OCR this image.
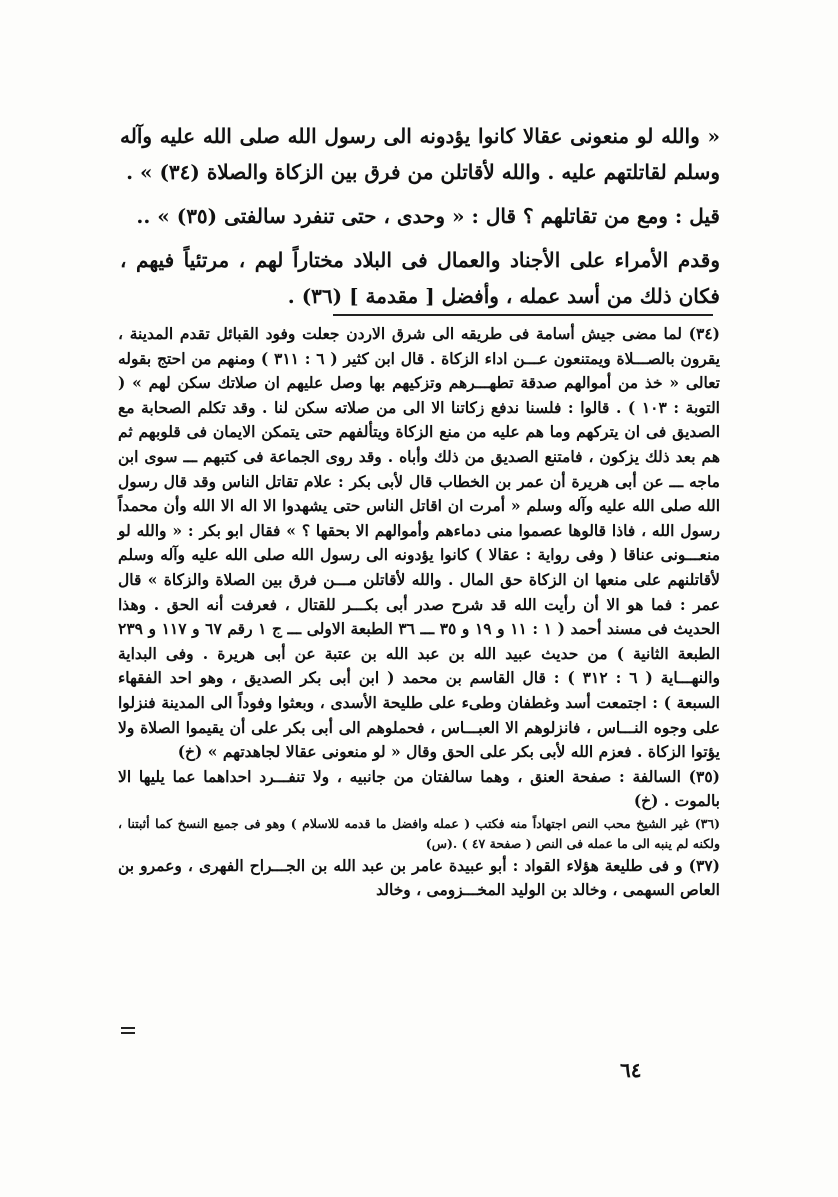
« والله لو منعونى عقالا كانوا يؤدونه الى رسول الله صلى الله عليه وآله وسلم لقاتلتهم عليه . والله لأقاتلن من فرق بين الزكاة والصلاة (٣٤) » .

قيل : ومع من تقاتلهم ؟ قال : « وحدى ، حتى تنفرد سالفتى (٣٥) » ..

وقدم الأمراء على الأجناد والعمال فى البلاد مختاراً لهم ، مرتئياً فيهم ، فكان ذلك من أسد عمله ، وأفضل [ مقدمة ] (٣٦) .

(٣٤) لما مضى جيش أسامة فى طريقه الى شرق الاردن جعلت وفود القبائل تقدم المدينة ، يقرون بالصـــلاة ويمتنعون عـــن اداء الزكاة . قال ابن كثير ( ٦ : ٣١١ ) ومنهم من احتج بقوله تعالى « خذ من أموالهم صدقة تطهـــرهم وتزكيهم بها وصل عليهم ان صلاتك سكن لهم » ( التوبة : ١٠٣ ) . قالوا : فلسنا ندفع زكاتنا الا الى من صلاته سكن لنا . وقد تكلم الصحابة مع الصديق فى ان يتركهم وما هم عليه من منع الزكاة ويتألفهم حتى يتمكن الايمان فى قلوبهم ثم هم بعد ذلك يزكون ، فامتنع الصديق من ذلك وأباه . وقد روى الجماعة فى كتبهم ـــ سوى ابن ماجه ـــ عن أبى هريرة أن عمر بن الخطاب قال لأبى بكر : علام تقاتل الناس وقد قال رسول الله صلى الله عليه وآله وسلم « أمرت ان اقاتل الناس حتى يشهدوا الا اله الا الله وأن محمداً رسول الله ، فاذا قالوها عصموا منى دماءهم وأموالهم الا بحقها ؟ » فقال ابو بكر : « والله لو منعـــونى عناقا ( وفى رواية : عقالا ) كانوا يؤدونه الى رسول الله صلى الله عليه وآله وسلم لأقاتلنهم على منعها ان الزكاة حق المال . والله لأقاتلن مـــن فرق بين الصلاة والزكاة » قال عمر : فما هو الا أن رأيت الله قد شرح صدر أبى بكـــر للقتال ، فعرفت أنه الحق . وهذا الحديث فى مسند أحمد ( ١ : ١١ و ١٩ و ٣٥ ـــ ٣٦ الطبعة الاولى ـــ ج ١ رقم ٦٧ و ١١٧ و ٢٣٩ الطبعة الثانية ) من حديث عبيد الله بن عبد الله بن عتبة عن أبى هريرة . وفى البداية والنهـــاية ( ٦ : ٣١٢ ) : قال القاسم بن محمد ( ابن أبى بكر الصديق ، وهو احد الفقهاء السبعة ) : اجتمعت أسد وغطفان وطىء على طليحة الأسدى ، وبعثوا وفوداً الى المدينة فنزلوا على وجوه النـــاس ، فانزلوهم الا العبـــاس ، فحملوهم الى أبى بكر على أن يقيموا الصلاة ولا يؤتوا الزكاة . فعزم الله لأبى بكر على الحق وقال « لو منعونى عقالا لجاهدتهم » (خ)

(٣٥) السالفة : صفحة العنق ، وهما سالفتان من جانبيه ، ولا تنفـــرد احداهما عما يليها الا بالموت . (خ)

(٣٦) غير الشيخ محب النص اجتهاداً منه فكتب ( عمله وافضل ما قدمه للاسلام ) وهو فى جميع النسخ كما أثبتنا ، ولكنه لم ينبه الى ما عمله فى النص ( صفحة ٤٧ ) .(س)

(٣٧) و فى طليعة هؤلاء القواد : أبو عبيدة عامر بن عبد الله بن الجـــراح الفهرى ، وعمرو بن العاص السهمى ، وخالد بن الوليد المخـــزومى ، وخالد

٦٤
